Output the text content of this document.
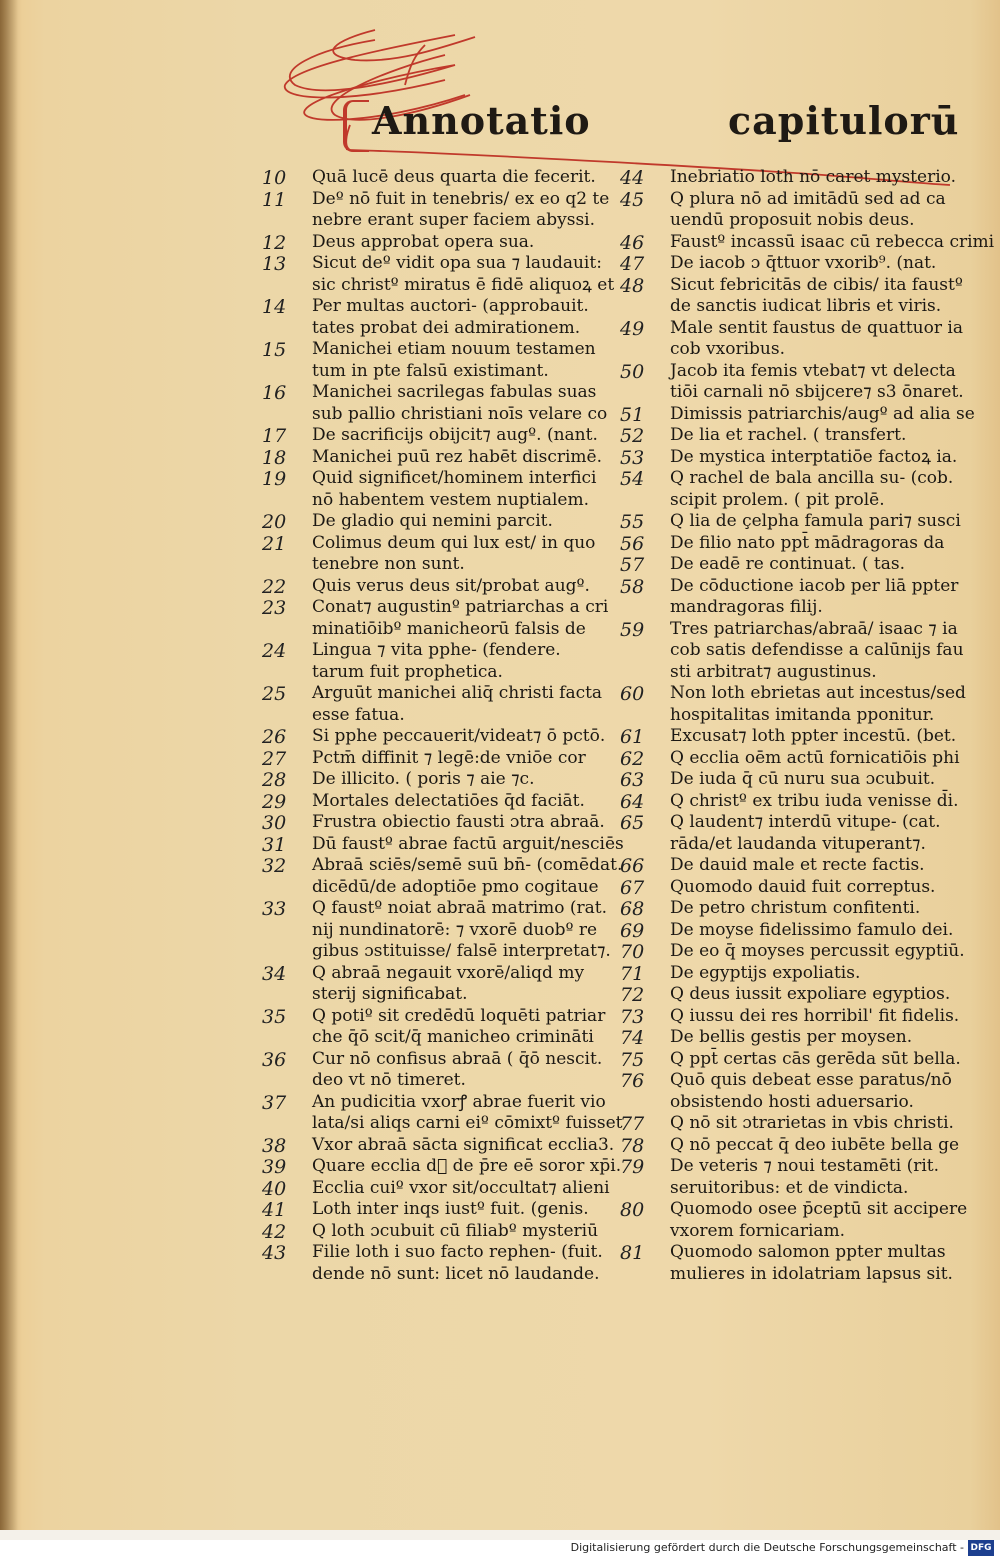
Annotatio	capitulorū
10	Quā lucē deus quarta die fecerit.
11	Deº nō fuit in tenebris/ ex eo q2 te
nebre erant super faciem abyssi.
12	Deus approbat opera sua.
13	Sicut deº vidit opa sua ⁊ laudauit:
sic christº miratus ē fidē aliquoꝝ et
14	Per multas auctori- (approbauit.
tates probat dei admirationem.
15	Manichei etiam nouum testamen
tum in pte falsū existimant.
16	Manichei sacrilegas fabulas suas
sub pallio christiani noīs velare co
17	De sacrificijs obijcit⁊ augº. (nant.
18	Manichei puū rez habēt discrimē.
19	Quid significet/hominem interfici
nō habentem vestem nuptialem.
20	De gladio qui nemini parcit.
21	Colimus deum qui lux est/ in quo
tenebre non sunt.
22	Quis verus deus sit/probat augº.
23	Conat⁊ augustinº patriarchas a cri
minatiōibº manicheorū falsis de
24	Lingua ⁊ vita pphe- (fendere.
tarum fuit prophetica.
25	Arguūt manichei aliq̄ christi facta
esse fatua.
26	Si pphe peccauerit/videat⁊ ō pctō.
27	Pctm̄ diffinit ⁊ legē:de vniōe cor
28	De illicito. ( poris ⁊ aie ⁊c.
29	Mortales delectatiōes q̄d faciāt.
30	Frustra obiectio fausti ɔtra abraā.
31	Dū faustº abrae factū arguit/nesciēs
32	Abraā sciēs/semē suū bn̄- (comēdat.
dicēdū/de adoptiōe pmo cogitaue
33	Q faustº noiat abraā matrimo (rat.
nij nundinatorē: ⁊ vxorē duobº re
gibus ɔstituisse/ falsē interpretat⁊.
34	Q abraā negauit vxorē/aliqd my
sterij significabat.
35	Q potiº sit credēdū loquēti patriar
che q̄ō scit/q̄ manicheo crimināti
36	Cur nō confisus abraā ( q̄ō nescit.
deo vt nō timeret.
37	An pudicitia vxorꝭ abrae fuerit vio
lata/si aliqs carni eiº cōmixtº fuisset
38	Vxor abraā sācta significat ecclia3.
39	Quare ecclia d᷑ de p̄re eē soror xp̄i.
40	Ecclia cuiº vxor sit/occultat⁊ alieni
41	Loth inter inqs iustº fuit. (genis.
42	Q loth ɔcubuit cū filiabº mysteriū
43	Filie loth i suo facto rephen- (fuit.
dende nō sunt: licet nō laudande.
44	Inebriatio loth nō caret mysterio.
45	Q plura nō ad imitādū sed ad ca
uendū proposuit nobis deus.
46	Faustº incassū isaac cū rebecca crimi
47	De iacob ɔ q̄ttuor vxorib⁹. (nat.
48	Sicut febricitās de cibis/ ita faustº
de sanctis iudicat libris et viris.
49	Male sentit faustus de quattuor ia
cob vxoribus.
50	Jacob ita femis vtebat⁊ vt delecta
tiōi carnali nō sbijcere⁊ s3 ōnaret.
51	Dimissis patriarchis/augº ad alia se
52	De lia et rachel. ( transfert.
53	De mystica interptatiōe factoꝝ ia.
54	Q rachel de bala ancilla su- (cob.
scipit prolem. ( pit prolē.
55	Q lia de çelpha famula pari⁊ susci
56	De filio nato ppt̄ mādragoras da
57	De eadē re continuat. ( tas.
58	De cōductione iacob per liā ppter
mandragoras filij.
59	Tres patriarchas/abraā/ isaac ⁊ ia
cob satis defendisse a calūnijs fau
sti arbitrat⁊ augustinus.
60	Non loth ebrietas aut incestus/sed
hospitalitas imitanda pponitur.
61	Excusat⁊ loth ppter incestū. (bet.
62	Q ecclia oēm actū fornicatiōis phi
63	De iuda q̄ cū nuru sua ɔcubuit.
64	Q christº ex tribu iuda venisse d̄i.
65	Q laudent⁊ interdū vitupe- (cat.
rāda/et laudanda vituperant⁊.
66	De dauid male et recte factis.
67	Quomodo dauid fuit correptus.
68	De petro christum confitenti.
69	De moyse fidelissimo famulo dei.
70	De eo q̄ moyses percussit egyptiū.
71	De egyptijs expoliatis.
72	Q deus iussit expoliare egyptios.
73	Q iussu dei res horribil' fit fidelis.
74	De bellis gestis per moysen.
75	Q ppt̄ certas cās gerēda sūt bella.
76	Quō quis debeat esse paratus/nō
obsistendo hosti aduersario.
77	Q nō sit ɔtrarietas in vbis christi.
78	Q nō peccat q̄ deo iubēte bella ge
79	De veteris ⁊ noui testamēti (rit.
seruitoribus: et de vindicta.
80	Quomodo osee p̄ceptū sit accipere
vxorem fornicariam.
81	Quomodo salomon ppter multas
mulieres in idolatriam lapsus sit.
Digitalisierung gefördert durch die Deutsche Forschungsgemeinschaft - DFG
